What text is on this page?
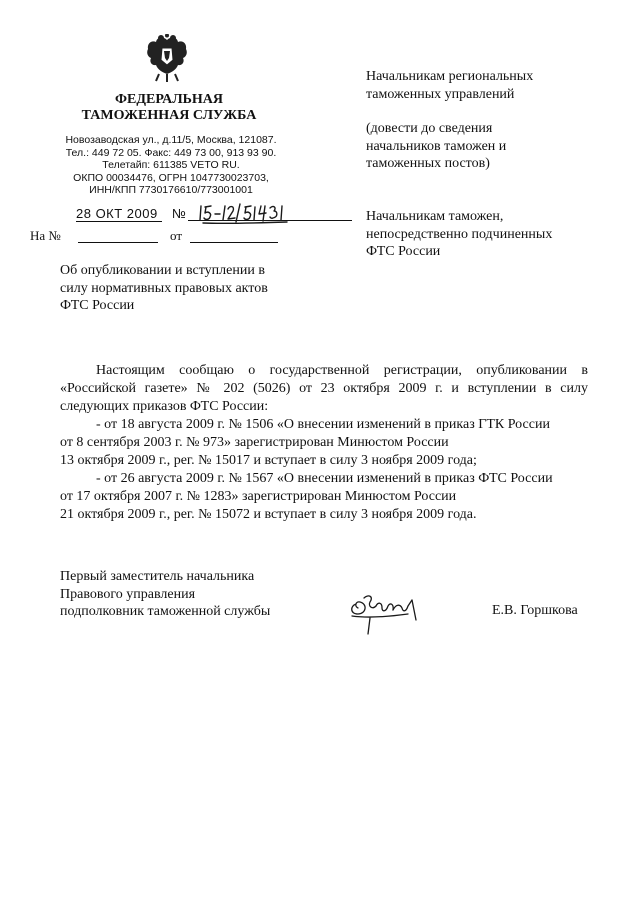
ФЕДЕРАЛЬНАЯ
ТАМОЖЕННАЯ СЛУЖБА
Новозаводская ул., д.11/5, Москва, 121087.
Тел.: 449 72 05. Факс: 449 73 00, 913 93 90.
Телетайп: 611385 VETO RU.
ОКПО 00034476, ОГРН 1047730023703,
ИНН/КПП 7730176610/773001001
28 ОКТ 2009	№
На №	от
Об опубликовании и вступлении в
силу нормативных правовых актов
ФТС России
Начальникам региональных
таможенных управлений
(довести до сведения
начальников таможен и
таможенных постов)
Начальникам таможен,
непосредственно подчиненных
ФТС России

Настоящим сообщаю о государственной регистрации, опубликовании в «Российской газете» № 202 (5026) от 23 октября 2009 г. и вступлении в силу следующих приказов ФТС России:

- от 18 августа 2009 г. № 1506 «О внесении изменений в приказ ГТК России

от 8 сентября 2003 г. № 973» зарегистрирован Минюстом России

13 октября 2009 г., рег. № 15017 и вступает в силу 3 ноября 2009 года;

- от 26 августа 2009 г. № 1567 «О внесении изменений в приказ ФТС России

от 17 октября 2007 г. № 1283» зарегистрирован Минюстом России

21 октября 2009 г., рег. № 15072 и вступает в силу 3 ноября 2009 года.

Первый заместитель начальника
Правового управления
подполковник таможенной службы	Е.В. Горшкова
